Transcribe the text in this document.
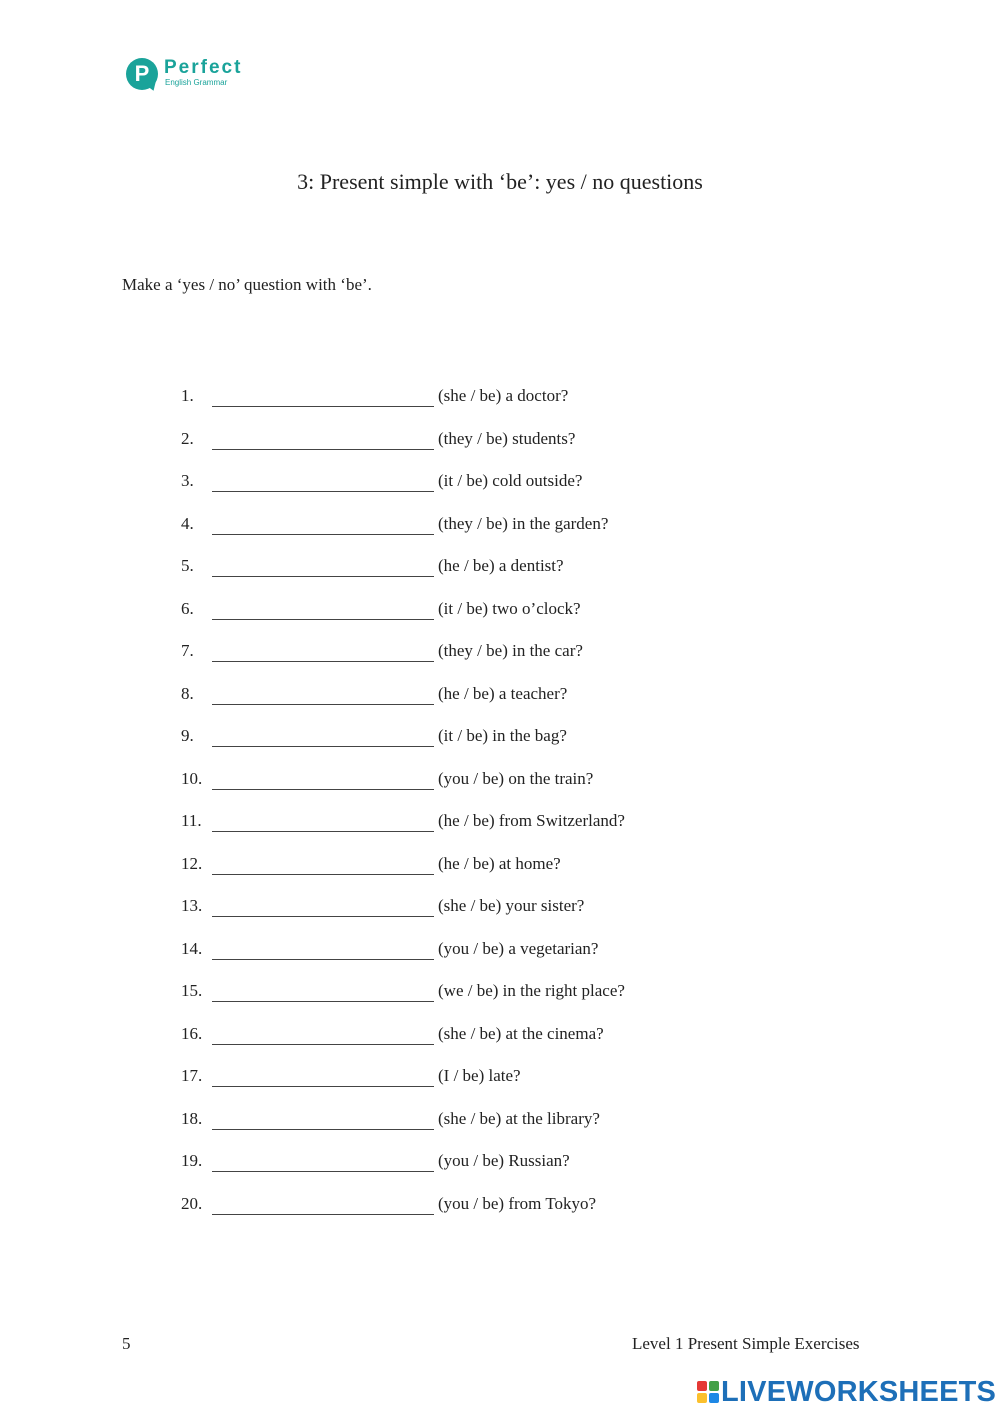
P Perfect
English Grammar
3: Present simple with ‘be’: yes / no questions
Make a ‘yes / no’ question with ‘be’.
1.	(she / be) a doctor?
2.	(they / be) students?
3.	(it / be) cold outside?
4.	(they / be) in the garden?
5.	(he / be) a dentist?
6.	(it / be) two o’clock?
7.	(they / be) in the car?
8.	(he / be) a teacher?
9.	(it / be) in the bag?
10.	(you / be) on the train?
11.	(he / be) from Switzerland?
12.	(he / be) at home?
13.	(she / be) your sister?
14.	(you / be) a vegetarian?
15.	(we / be) in the right place?
16.	(she / be) at the cinema?
17.	(I / be) late?
18.	(she / be) at the library?
19.	(you / be) Russian?
20.	(you / be) from Tokyo?
5	Level 1 Present Simple Exercises
LIVEWORKSHEETS
